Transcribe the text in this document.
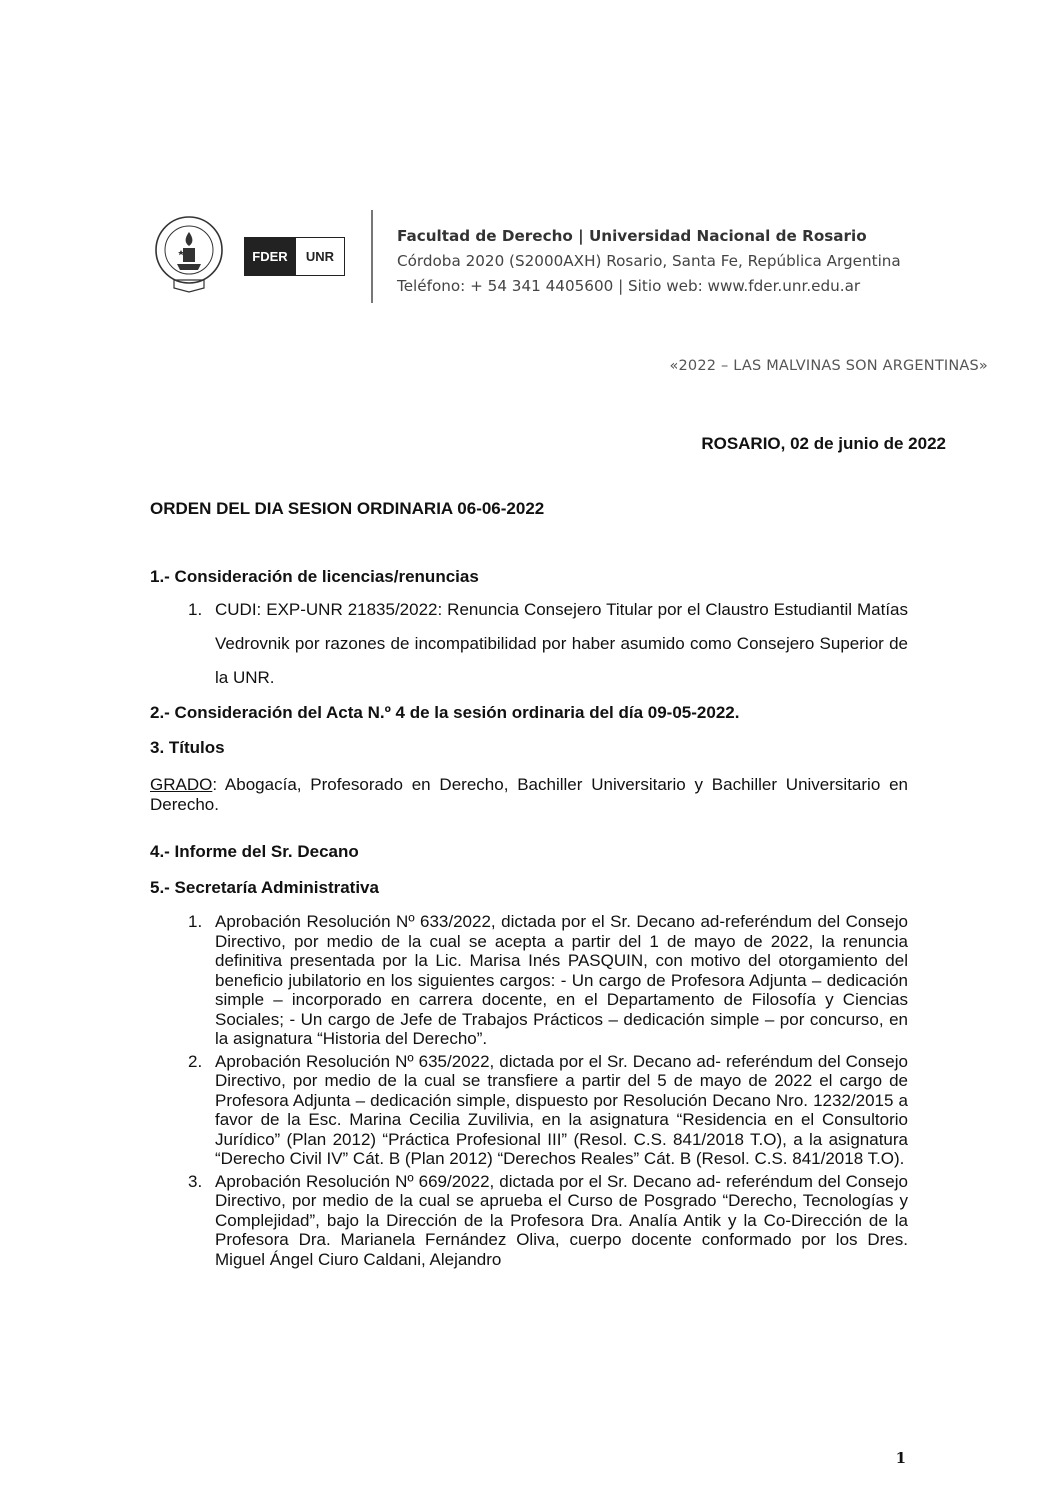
FDER	UNR
Facultad de Derecho | Universidad Nacional de Rosario
Córdoba 2020 (S2000AXH) Rosario, Santa Fe, República Argentina
Teléfono: + 54 341 4405600 | Sitio web: www.fder.unr.edu.ar
«2022 – LAS MALVINAS SON ARGENTINAS»
ROSARIO, 02 de junio de 2022
ORDEN DEL DIA SESION ORDINARIA 06-06-2022

1.- Consideración de licencias/renuncias

1. CUDI: EXP-UNR 21835/2022: Renuncia Consejero Titular por el Claustro Estudiantil Matías Vedrovnik por razones de incompatibilidad por haber asumido como Consejero Superior de la UNR.

2.- Consideración del Acta N.º 4 de la sesión ordinaria del día 09-05-2022.

3. Títulos

GRADO: Abogacía, Profesorado en Derecho, Bachiller Universitario y Bachiller Universitario en Derecho.

4.- Informe del Sr. Decano

5.- Secretaría Administrativa

1. Aprobación Resolución Nº 633/2022, dictada por el Sr. Decano ad-referéndum del Consejo Directivo, por medio de la cual se acepta a partir del 1 de mayo de 2022, la renuncia definitiva presentada por la Lic. Marisa Inés PASQUIN, con motivo del otorgamiento del beneficio jubilatorio en los siguientes cargos: - Un cargo de Profesora Adjunta – dedicación simple – incorporado en carrera docente, en el Departamento de Filosofía y Ciencias Sociales; - Un cargo de Jefe de Trabajos Prácticos – dedicación simple – por concurso, en la asignatura “Historia del Derecho”.
2. Aprobación Resolución Nº 635/2022, dictada por el Sr. Decano ad- referéndum del Consejo Directivo, por medio de la cual se transfiere a partir del 5 de mayo de 2022 el cargo de Profesora Adjunta – dedicación simple, dispuesto por Resolución Decano Nro. 1232/2015 a favor de la Esc. Marina Cecilia Zuvilivia, en la asignatura “Residencia en el Consultorio Jurídico” (Plan 2012) “Práctica Profesional III” (Resol. C.S. 841/2018 T.O), a la asignatura “Derecho Civil IV” Cát. B (Plan 2012) “Derechos Reales” Cát. B (Resol. C.S. 841/2018 T.O).
3. Aprobación Resolución Nº 669/2022, dictada por el Sr. Decano ad- referéndum del Consejo Directivo, por medio de la cual se aprueba el Curso de Posgrado “Derecho, Tecnologías y Complejidad”, bajo la Dirección de la Profesora Dra. Analía Antik y la Co-Dirección de la Profesora Dra. Marianela Fernández Oliva, cuerpo docente conformado por los Dres. Miguel Ángel Ciuro Caldani, Alejandro
1
